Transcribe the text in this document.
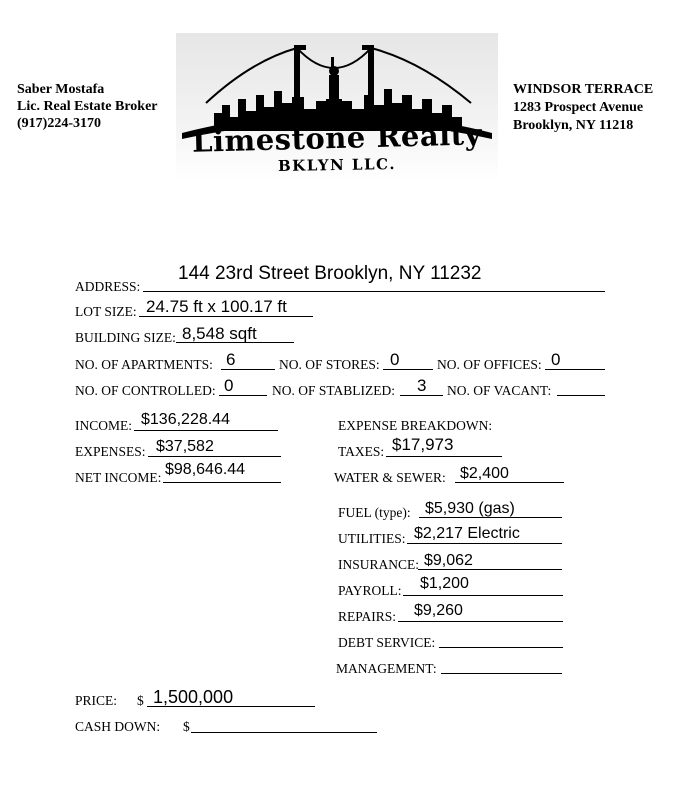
Saber Mostafa
Lic. Real Estate Broker
(917)224-3170
WINDSOR TERRACE
1283 Prospect Avenue
Brooklyn, NY 11218
Limestone Realty
BKLYN LLC.
ADDRESS:
144 23rd Street Brooklyn, NY 11232
LOT SIZE: 24.75 ft x 100.17 ft
BUILDING SIZE: 8,548 sqft
NO. OF APARTMENTS: 6	NO. OF STORES: 0	NO. OF OFFICES: 0
NO. OF CONTROLLED: 0	NO. OF STABLIZED: 3 NO. OF VACANT:
INCOME: $136,228.44
EXPENSES: $37,582
NET INCOME: $98,646.44
EXPENSE BREAKDOWN:
TAXES: $17,973
WATER & SEWER: $2,400
FUEL (type): $5,930 (gas)
UTILITIES: $2,217 Electric
INSURANCE: $9,062
PAYROLL: $1,200
REPAIRS: $9,260
DEBT SERVICE:
MANAGEMENT:
PRICE: $ 1,500,000
CASH DOWN: $
